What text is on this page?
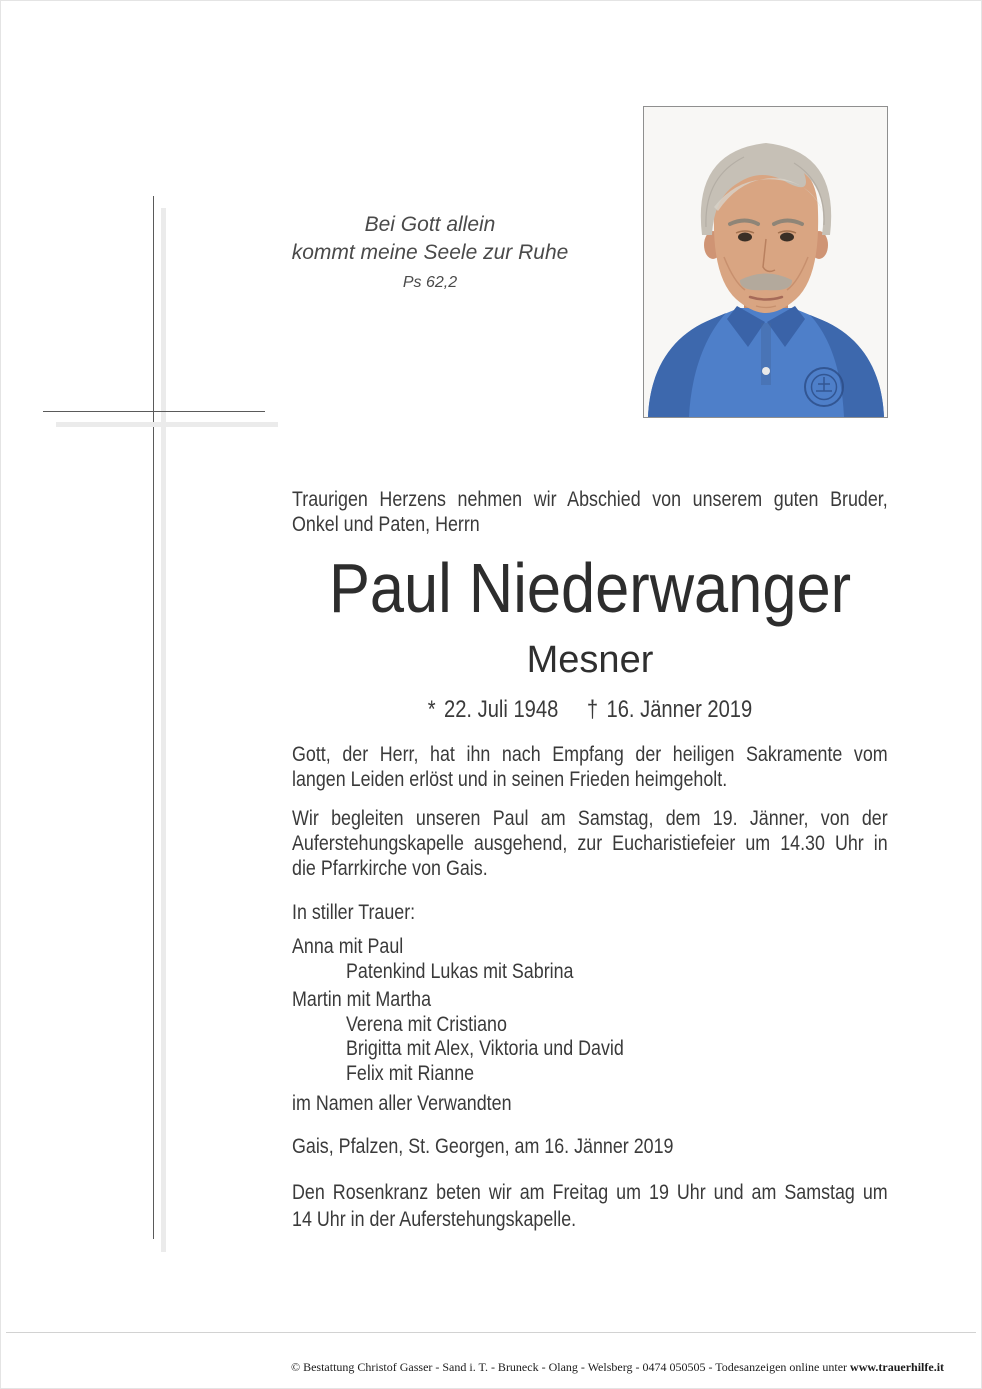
Bei Gott allein
kommt meine Seele zur Ruhe
Ps 62,2
Traurigen Herzens nehmen wir Abschied von unserem guten Bruder,
Onkel und Paten, Herrn
Paul Niederwanger
Mesner
* 22. Juli 1948 † 16. Jänner 2019
Gott, der Herr, hat ihn nach Empfang der heiligen Sakramente vom
langen Leiden erlöst und in seinen Frieden heimgeholt.
Wir begleiten unseren Paul am Samstag, dem 19. Jänner, von der
Auferstehungskapelle ausgehend, zur Eucharistiefeier um 14.30 Uhr in
die Pfarrkirche von Gais.
In stiller Trauer:
Anna mit Paul
Patenkind Lukas mit Sabrina
Martin mit Martha
Verena mit Cristiano
Brigitta mit Alex, Viktoria und David
Felix mit Rianne
im Namen aller Verwandten
Gais, Pfalzen, St. Georgen, am 16. Jänner 2019
Den Rosenkranz beten wir am Freitag um 19 Uhr und am Samstag um
14 Uhr in der Auferstehungskapelle.
© Bestattung Christof Gasser - Sand i. T. - Bruneck - Olang - Welsberg - 0474 050505 - Todesanzeigen online unter www.trauerhilfe.it
